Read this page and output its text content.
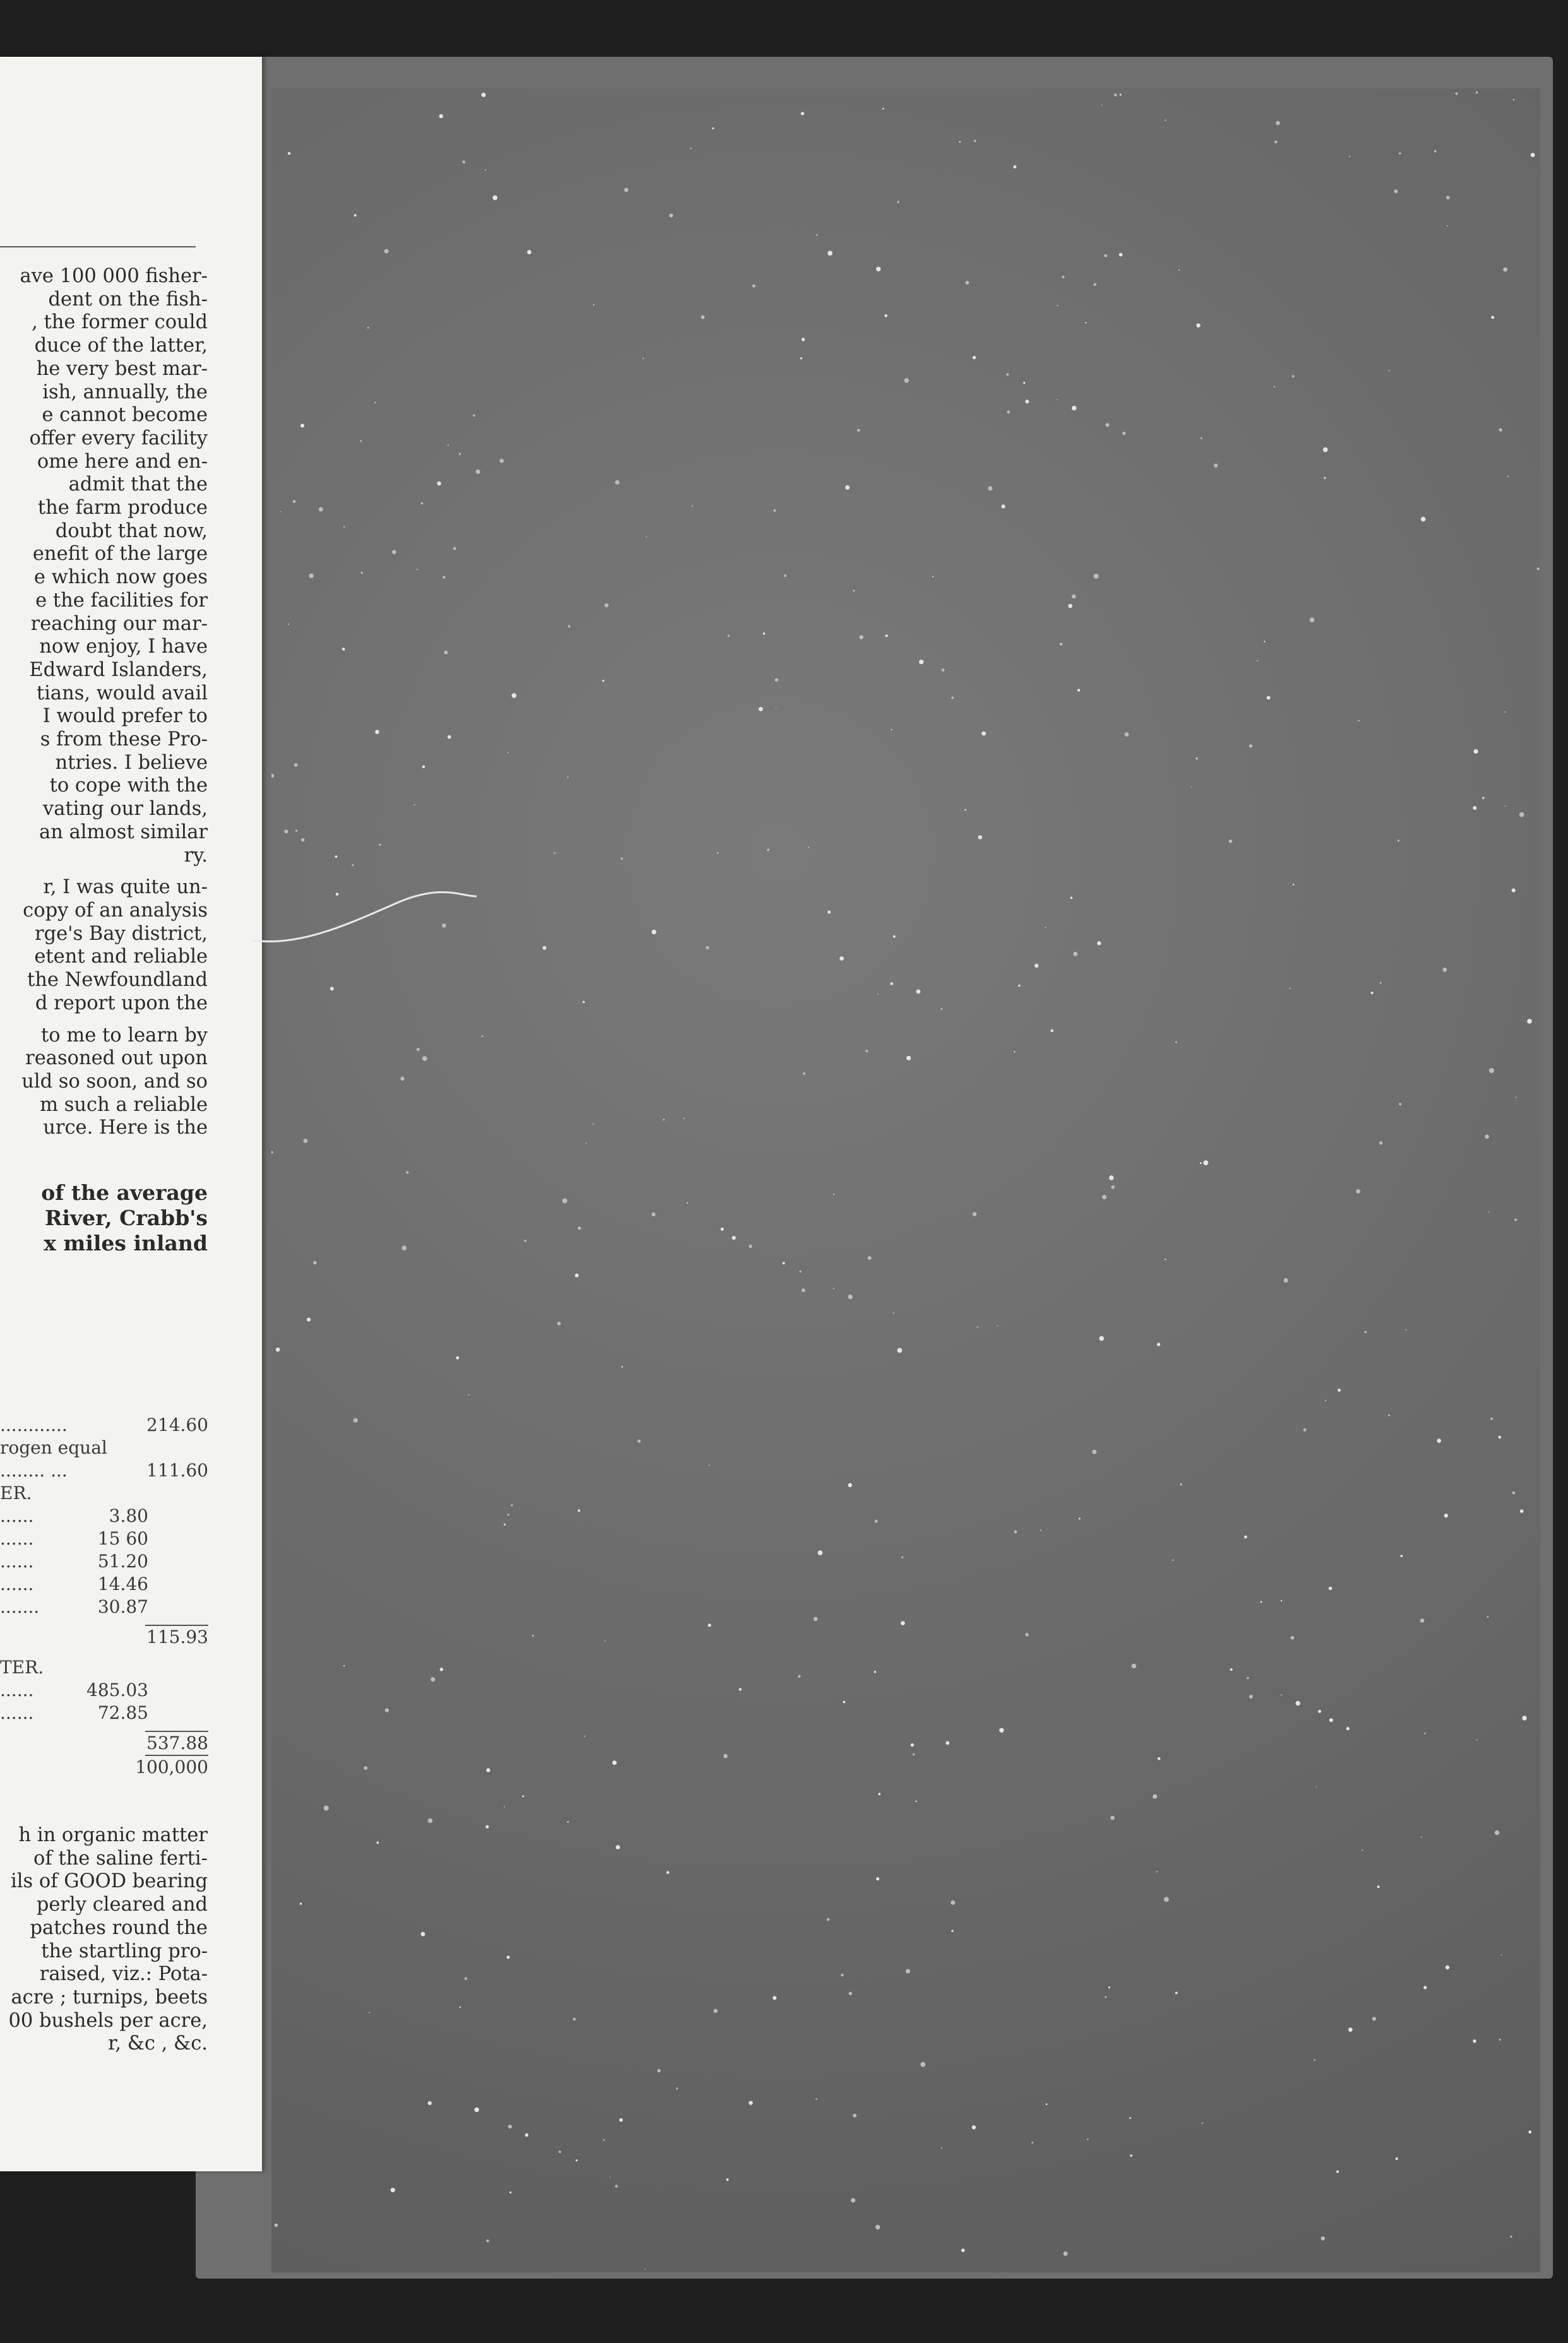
ave 100 000 fisher-
dent on the fish-
, the former could
duce of the latter,
he very best mar-
ish, annually, the
e cannot become
offer every facility
ome here and en-
admit that the
the farm produce
doubt that now,
enefit of the large
e which now goes
e the facilities for
reaching our mar-
now enjoy, I have
Edward Islanders,
tians, would avail
I would prefer to
s from these Pro-
ntries. I believe
to cope with the
vating our lands,
an almost similar
ry.
r, I was quite un-
copy of an analysis
rge's Bay district,
etent and reliable
the Newfoundland
d report upon the
to me to learn by
reasoned out upon
uld so soon, and so
m such a reliable
urce. Here is the
of the average
River, Crabb's
x miles inland
............	214.60
rogen equal
........ ...	111.60
ER.
......	3.80
......	15 60
......	51.20
......	14.46
.......	30.87
115.93
TER.
......	485.03
......	72.85
537.88
100,000
h in organic matter
of the saline ferti-
ils of GOOD bearing
perly cleared and
patches round the
the startling pro-
raised, viz.: Pota-
acre ; turnips, beets
00 bushels per acre,
r, &c , &c.
